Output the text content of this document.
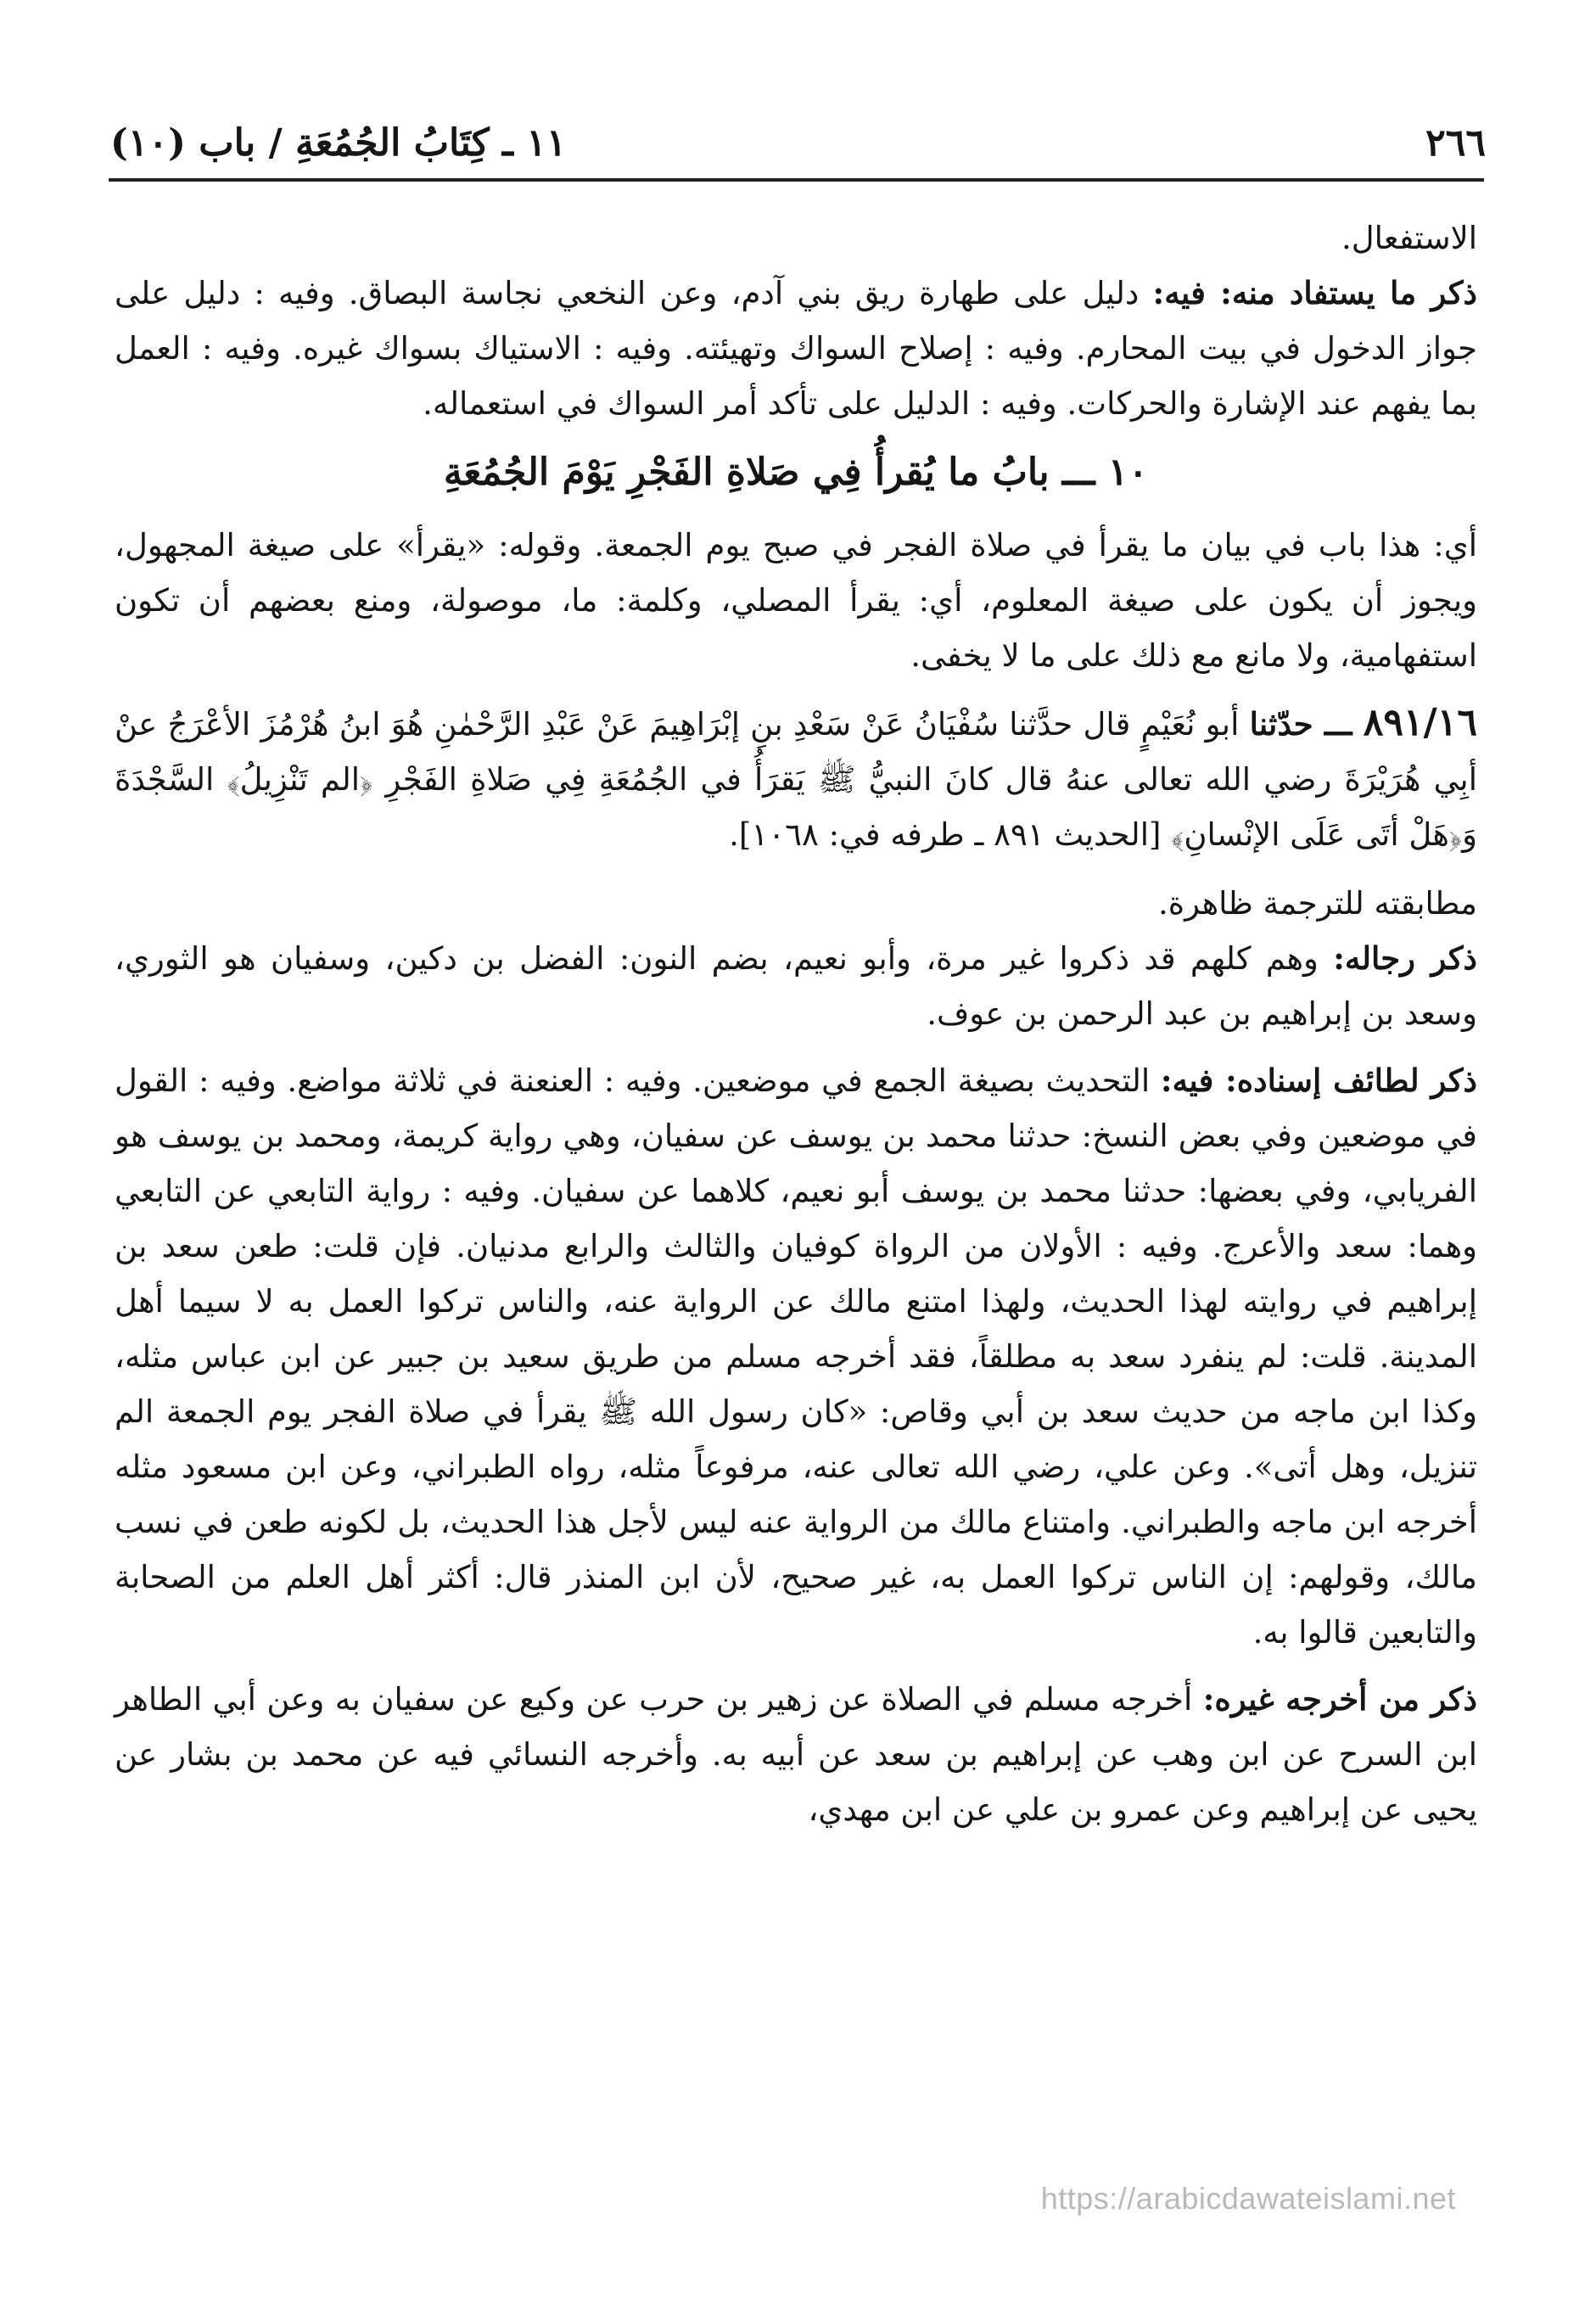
٢٦٦
١١ ـ كِتَابُ الجُمُعَةِ / باب (١٠)

الاستفعال.

ذكر ما يستفاد منه: فيه: دليل على طهارة ريق بني آدم، وعن النخعي نجاسة البصاق. وفيه : دليل على جواز الدخول في بيت المحارم. وفيه : إصلاح السواك وتهيئته. وفيه : الاستياك بسواك غيره. وفيه : العمل بما يفهم عند الإشارة والحركات. وفيه : الدليل على تأكد أمر السواك في استعماله.

١٠ ـــ بابُ ما يُقرأُ فِي صَلاةِ الفَجْرِ يَوْمَ الجُمُعَةِ

أي: هذا باب في بيان ما يقرأ في صلاة الفجر في صبح يوم الجمعة. وقوله: «يقرأ» على صيغة المجهول، ويجوز أن يكون على صيغة المعلوم، أي: يقرأ المصلي، وكلمة: ما، موصولة، ومنع بعضهم أن تكون استفهامية، ولا مانع مع ذلك على ما لا يخفى.

٨٩١/١٦ ـــ حدّثنا أبو نُعَيْمٍ قال حدَّثنا سُفْيَانُ عَنْ سَعْدِ بنِ إبْرَاهِيمَ عَنْ عَبْدِ الرَّحْمٰنِ هُوَ ابنُ هُرْمُزَ الأعْرَجُ عنْ أبِي هُرَيْرَةَ رضي الله تعالى عنهُ قال كانَ النبيُّ ﷺ يَقرَأُ في الجُمُعَةِ فِي صَلاةِ الفَجْرِ ﴿الم تَنْزِيلُ﴾ السَّجْدَةَ وَ﴿هَلْ أتَى عَلَى الإنْسانِ﴾ [الحديث ٨٩١ ـ طرفه في: ١٠٦٨].

مطابقته للترجمة ظاهرة.

ذكر رجاله: وهم كلهم قد ذكروا غير مرة، وأبو نعيم، بضم النون: الفضل بن دكين، وسفيان هو الثوري، وسعد بن إبراهيم بن عبد الرحمن بن عوف.

ذكر لطائف إسناده: فيه: التحديث بصيغة الجمع في موضعين. وفيه : العنعنة في ثلاثة مواضع. وفيه : القول في موضعين وفي بعض النسخ: حدثنا محمد بن يوسف عن سفيان، وهي رواية كريمة، ومحمد بن يوسف هو الفريابي، وفي بعضها: حدثنا محمد بن يوسف أبو نعيم، كلاهما عن سفيان. وفيه : رواية التابعي عن التابعي وهما: سعد والأعرج. وفيه : الأولان من الرواة كوفيان والثالث والرابع مدنيان. فإن قلت: طعن سعد بن إبراهيم في روايته لهذا الحديث، ولهذا امتنع مالك عن الرواية عنه، والناس تركوا العمل به لا سيما أهل المدينة. قلت: لم ينفرد سعد به مطلقاً، فقد أخرجه مسلم من طريق سعيد بن جبير عن ابن عباس مثله، وكذا ابن ماجه من حديث سعد بن أبي وقاص: «كان رسول الله ﷺ يقرأ في صلاة الفجر يوم الجمعة الم تنزيل، وهل أتى». وعن علي، رضي الله تعالى عنه، مرفوعاً مثله، رواه الطبراني، وعن ابن مسعود مثله أخرجه ابن ماجه والطبراني. وامتناع مالك من الرواية عنه ليس لأجل هذا الحديث، بل لكونه طعن في نسب مالك، وقولهم: إن الناس تركوا العمل به، غير صحيح، لأن ابن المنذر قال: أكثر أهل العلم من الصحابة والتابعين قالوا به.

ذكر من أخرجه غيره: أخرجه مسلم في الصلاة عن زهير بن حرب عن وكيع عن سفيان به وعن أبي الطاهر ابن السرح عن ابن وهب عن إبراهيم بن سعد عن أبيه به. وأخرجه النسائي فيه عن محمد بن بشار عن يحيى عن إبراهيم وعن عمرو بن علي عن ابن مهدي،

https://arabicdawateislami.net
